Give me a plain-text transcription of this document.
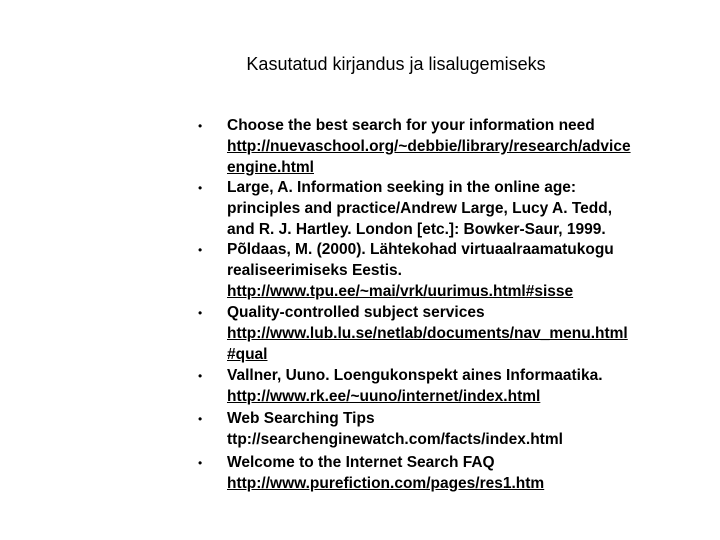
Kasutatud kirjandus ja lisalugemiseks
• Choose the best search for your information need
http://nuevaschool.org/~debbie/library/research/advice
engine.html
• Large, A. Information seeking in the online age:
principles and practice/Andrew Large, Lucy A. Tedd,
and R. J. Hartley. London [etc.]: Bowker-Saur, 1999.
• Põldaas, M. (2000). Lähtekohad virtuaalraamatukogu
realiseerimiseks Eestis.
http://www.tpu.ee/~mai/vrk/uurimus.html#sisse
• Quality-controlled subject services
http://www.lub.lu.se/netlab/documents/nav_menu.html
#qual
• Vallner, Uuno. Loengukonspekt aines Informaatika.
http://www.rk.ee/~uuno/internet/index.html
• Web Searching Tips
ttp://searchenginewatch.com/facts/index.html
• Welcome to the Internet Search FAQ
http://www.purefiction.com/pages/res1.htm
